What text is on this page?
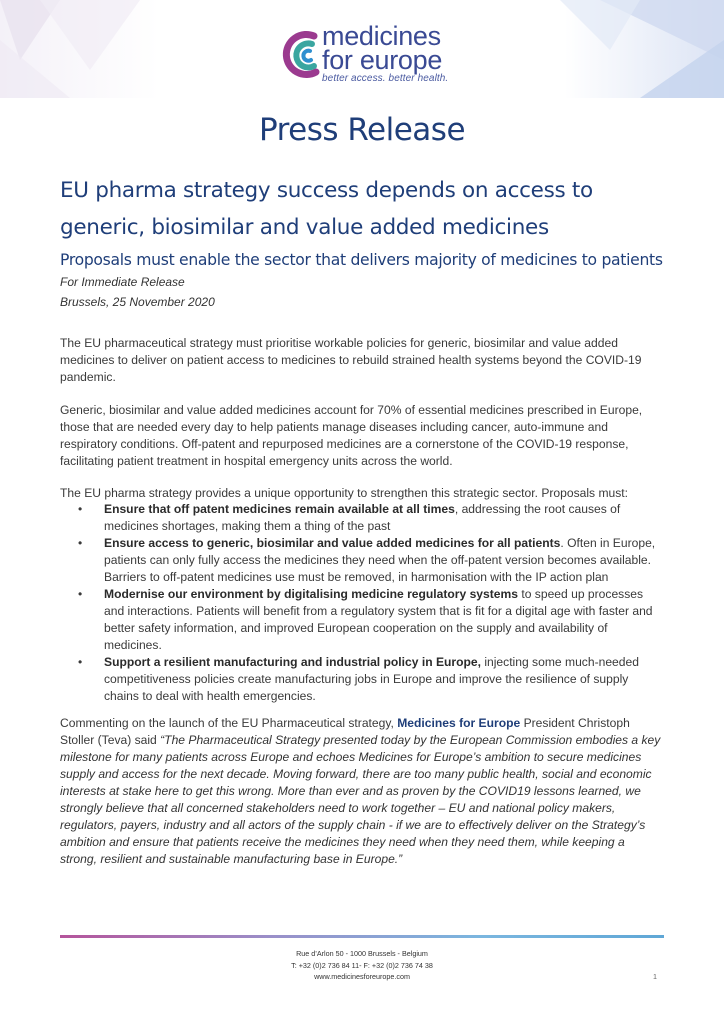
medicines
for europe
better access. better health.
Press Release
EU pharma strategy success depends on access to generic, biosimilar and value added medicines
Proposals must enable the sector that delivers majority of medicines to patients
For Immediate Release
Brussels, 25 November 2020
The EU pharmaceutical strategy must prioritise workable policies for generic, biosimilar and value added medicines to deliver on patient access to medicines to rebuild strained health systems beyond the COVID-19 pandemic.
Generic, biosimilar and value added medicines account for 70% of essential medicines prescribed in Europe, those that are needed every day to help patients manage diseases including cancer, auto-immune and respiratory conditions. Off-patent and repurposed medicines are a cornerstone of the COVID-19 response, facilitating patient treatment in hospital emergency units across the world.
The EU pharma strategy provides a unique opportunity to strengthen this strategic sector. Proposals must:
• Ensure that off patent medicines remain available at all times, addressing the root causes of medicines shortages, making them a thing of the past
• Ensure access to generic, biosimilar and value added medicines for all patients. Often in Europe, patients can only fully access the medicines they need when the off-patent version becomes available. Barriers to off-patent medicines use must be removed, in harmonisation with the IP action plan
• Modernise our environment by digitalising medicine regulatory systems to speed up processes and interactions. Patients will benefit from a regulatory system that is fit for a digital age with faster and better safety information, and improved European cooperation on the supply and availability of medicines.
• Support a resilient manufacturing and industrial policy in Europe, injecting some much-needed competitiveness policies create manufacturing jobs in Europe and improve the resilience of supply chains to deal with health emergencies.
Commenting on the launch of the EU Pharmaceutical strategy, Medicines for Europe President Christoph Stoller (Teva) said “The Pharmaceutical Strategy presented today by the European Commission embodies a key milestone for many patients across Europe and echoes Medicines for Europe’s ambition to secure medicines supply and access for the next decade. Moving forward, there are too many public health, social and economic interests at stake here to get this wrong. More than ever and as proven by the COVID19 lessons learned, we strongly believe that all concerned stakeholders need to work together – EU and national policy makers, regulators, payers, industry and all actors of the supply chain - if we are to effectively deliver on the Strategy’s ambition and ensure that patients receive the medicines they need when they need them, while keeping a strong, resilient and sustainable manufacturing base in Europe.”
Rue d’Arlon 50 - 1000 Brussels - Belgium
T: +32 (0)2 736 84 11- F: +32 (0)2 736 74 38
www.medicinesforeurope.com	1
